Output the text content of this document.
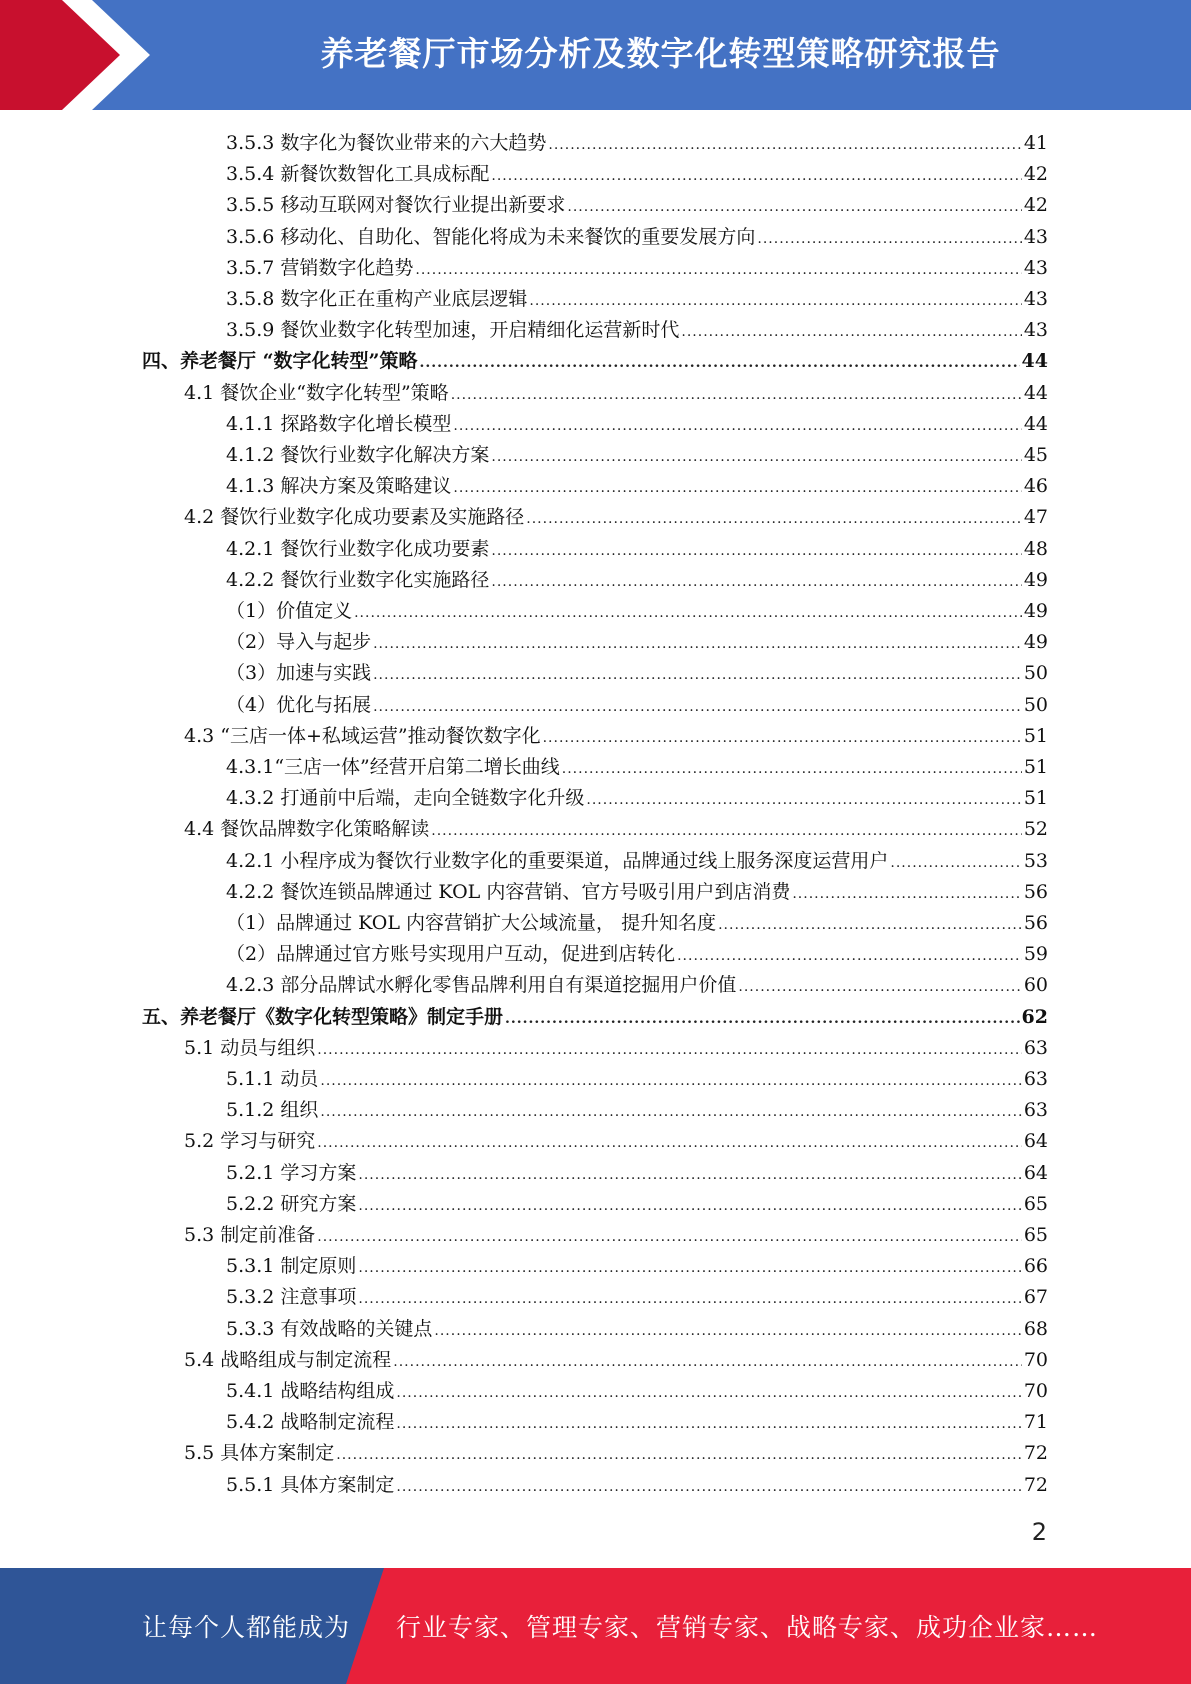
养老餐厅市场分析及数字化转型策略研究报告
3.5.3 数字化为餐饮业带来的六大趋势 .....	41
3.5.4 新餐饮数智化工具成标配 .....	42
3.5.5 移动互联网对餐饮行业提出新要求 .....	42
3.5.6 移动化、自助化、智能化将成为未来餐饮的重要发展方向 .....	43
3.5.7 营销数字化趋势 .....	43
3.5.8 数字化正在重构产业底层逻辑 .....	43
3.5.9 餐饮业数字化转型加速，开启精细化运营新时代 .....	43
四、养老餐厅 “数字化转型”策略 .....	44
4.1 餐饮企业“数字化转型”策略 .....	44
4.1.1 探路数字化增长模型 .....	44
4.1.2 餐饮行业数字化解决方案 .....	45
4.1.3 解决方案及策略建议 .....	46
4.2 餐饮行业数字化成功要素及实施路径 .....	47
4.2.1 餐饮行业数字化成功要素 .....	48
4.2.2 餐饮行业数字化实施路径 .....	49
（1）价值定义 .....	49
（2）导入与起步 .....	49
（3）加速与实践 .....	50
（4）优化与拓展 .....	50
4.3 “三店一体+私域运营”推动餐饮数字化 .....	51
4.3.1“三店一体”经营开启第二增长曲线 .....	51
4.3.2 打通前中后端，走向全链数字化升级 .....	51
4.4 餐饮品牌数字化策略解读 .....	52
4.2.1 小程序成为餐饮行业数字化的重要渠道，品牌通过线上服务深度运营用户 .....	53
4.2.2 餐饮连锁品牌通过 KOL 内容营销、官方号吸引用户到店消费 .....	56
（1）品牌通过 KOL 内容营销扩大公域流量， 提升知名度 .....	56
（2）品牌通过官方账号实现用户互动，促进到店转化 .....	59
4.2.3 部分品牌试水孵化零售品牌利用自有渠道挖掘用户价值 .....	60
五、养老餐厅《数字化转型策略》制定手册 .....	62
5.1 动员与组织 .....	63
5.1.1 动员 .....	63
5.1.2 组织 .....	63
5.2 学习与研究 .....	64
5.2.1 学习方案 .....	64
5.2.2 研究方案 .....	65
5.3 制定前准备 .....	65
5.3.1 制定原则 .....	66
5.3.2 注意事项 .....	67
5.3.3 有效战略的关键点 .....	68
5.4 战略组成与制定流程 .....	70
5.4.1 战略结构组成 .....	70
5.4.2 战略制定流程 .....	71
5.5 具体方案制定 .....	72
5.5.1 具体方案制定 .....	72
2
让每个人都能成为 行业专家、管理专家、营销专家、战略专家、成功企业家……
